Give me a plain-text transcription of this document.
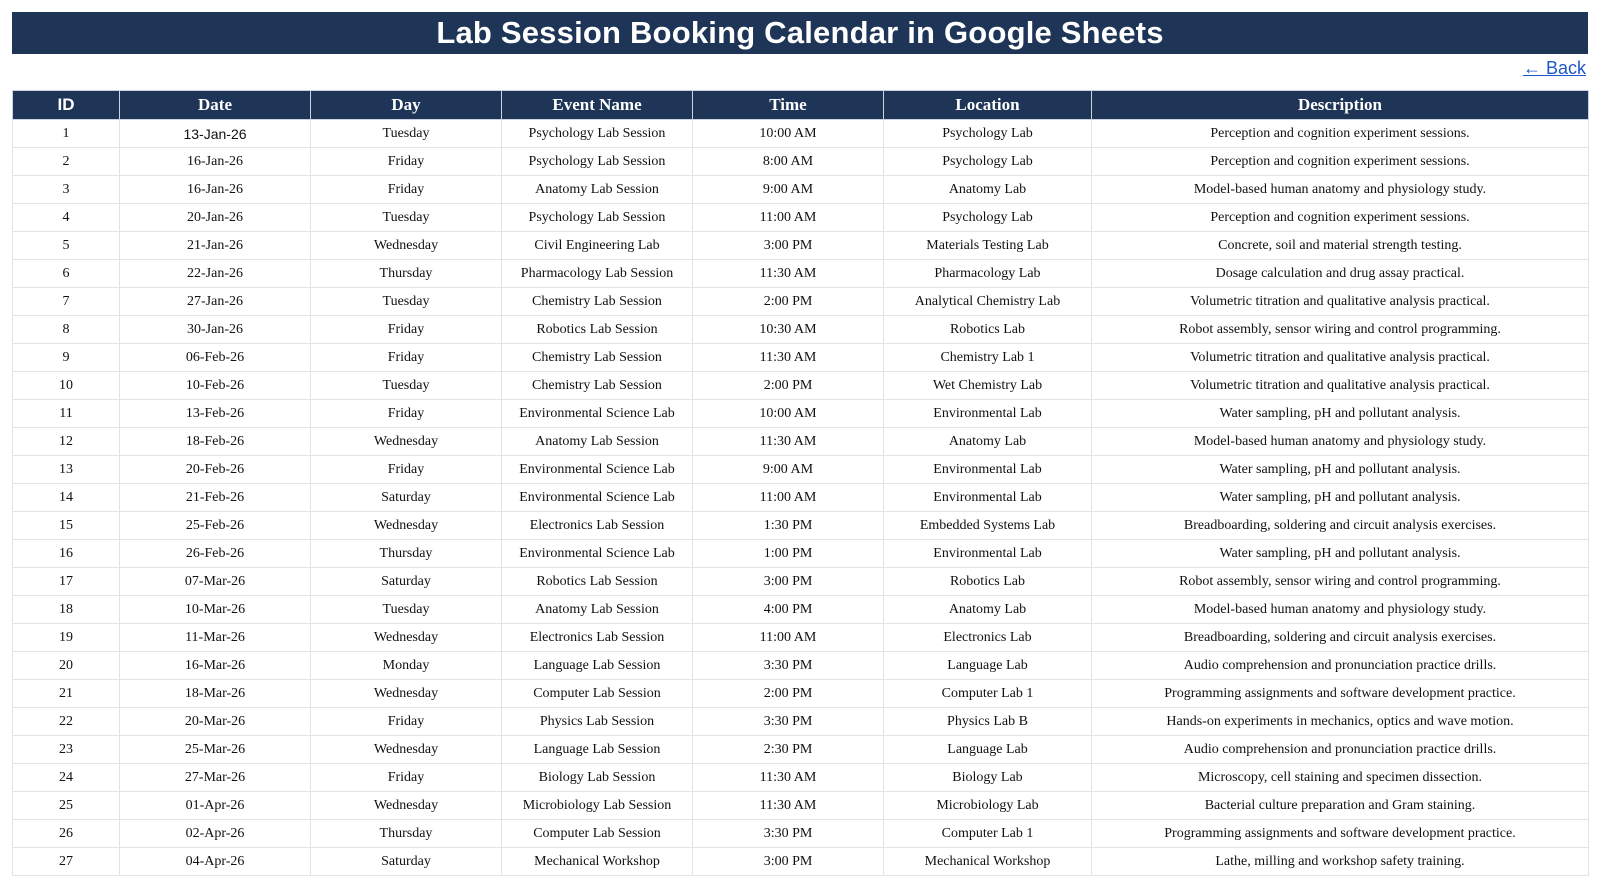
Lab Session Booking Calendar in Google Sheets
← Back
ID	Date	Day	Event Name	Time	Location	Description
1	13-Jan-26	Tuesday	Psychology Lab Session	10:00 AM	Psychology Lab	Perception and cognition experiment sessions.
2	16-Jan-26	Friday	Psychology Lab Session	8:00 AM	Psychology Lab	Perception and cognition experiment sessions.
3	16-Jan-26	Friday	Anatomy Lab Session	9:00 AM	Anatomy Lab	Model-based human anatomy and physiology study.
4	20-Jan-26	Tuesday	Psychology Lab Session	11:00 AM	Psychology Lab	Perception and cognition experiment sessions.
5	21-Jan-26	Wednesday	Civil Engineering Lab	3:00 PM	Materials Testing Lab	Concrete, soil and material strength testing.
6	22-Jan-26	Thursday	Pharmacology Lab Session	11:30 AM	Pharmacology Lab	Dosage calculation and drug assay practical.
7	27-Jan-26	Tuesday	Chemistry Lab Session	2:00 PM	Analytical Chemistry Lab	Volumetric titration and qualitative analysis practical.
8	30-Jan-26	Friday	Robotics Lab Session	10:30 AM	Robotics Lab	Robot assembly, sensor wiring and control programming.
9	06-Feb-26	Friday	Chemistry Lab Session	11:30 AM	Chemistry Lab 1	Volumetric titration and qualitative analysis practical.
10	10-Feb-26	Tuesday	Chemistry Lab Session	2:00 PM	Wet Chemistry Lab	Volumetric titration and qualitative analysis practical.
11	13-Feb-26	Friday	Environmental Science Lab	10:00 AM	Environmental Lab	Water sampling, pH and pollutant analysis.
12	18-Feb-26	Wednesday	Anatomy Lab Session	11:30 AM	Anatomy Lab	Model-based human anatomy and physiology study.
13	20-Feb-26	Friday	Environmental Science Lab	9:00 AM	Environmental Lab	Water sampling, pH and pollutant analysis.
14	21-Feb-26	Saturday	Environmental Science Lab	11:00 AM	Environmental Lab	Water sampling, pH and pollutant analysis.
15	25-Feb-26	Wednesday	Electronics Lab Session	1:30 PM	Embedded Systems Lab	Breadboarding, soldering and circuit analysis exercises.
16	26-Feb-26	Thursday	Environmental Science Lab	1:00 PM	Environmental Lab	Water sampling, pH and pollutant analysis.
17	07-Mar-26	Saturday	Robotics Lab Session	3:00 PM	Robotics Lab	Robot assembly, sensor wiring and control programming.
18	10-Mar-26	Tuesday	Anatomy Lab Session	4:00 PM	Anatomy Lab	Model-based human anatomy and physiology study.
19	11-Mar-26	Wednesday	Electronics Lab Session	11:00 AM	Electronics Lab	Breadboarding, soldering and circuit analysis exercises.
20	16-Mar-26	Monday	Language Lab Session	3:30 PM	Language Lab	Audio comprehension and pronunciation practice drills.
21	18-Mar-26	Wednesday	Computer Lab Session	2:00 PM	Computer Lab 1	Programming assignments and software development practice.
22	20-Mar-26	Friday	Physics Lab Session	3:30 PM	Physics Lab B	Hands-on experiments in mechanics, optics and wave motion.
23	25-Mar-26	Wednesday	Language Lab Session	2:30 PM	Language Lab	Audio comprehension and pronunciation practice drills.
24	27-Mar-26	Friday	Biology Lab Session	11:30 AM	Biology Lab	Microscopy, cell staining and specimen dissection.
25	01-Apr-26	Wednesday	Microbiology Lab Session	11:30 AM	Microbiology Lab	Bacterial culture preparation and Gram staining.
26	02-Apr-26	Thursday	Computer Lab Session	3:30 PM	Computer Lab 1	Programming assignments and software development practice.
27	04-Apr-26	Saturday	Mechanical Workshop	3:00 PM	Mechanical Workshop	Lathe, milling and workshop safety training.
